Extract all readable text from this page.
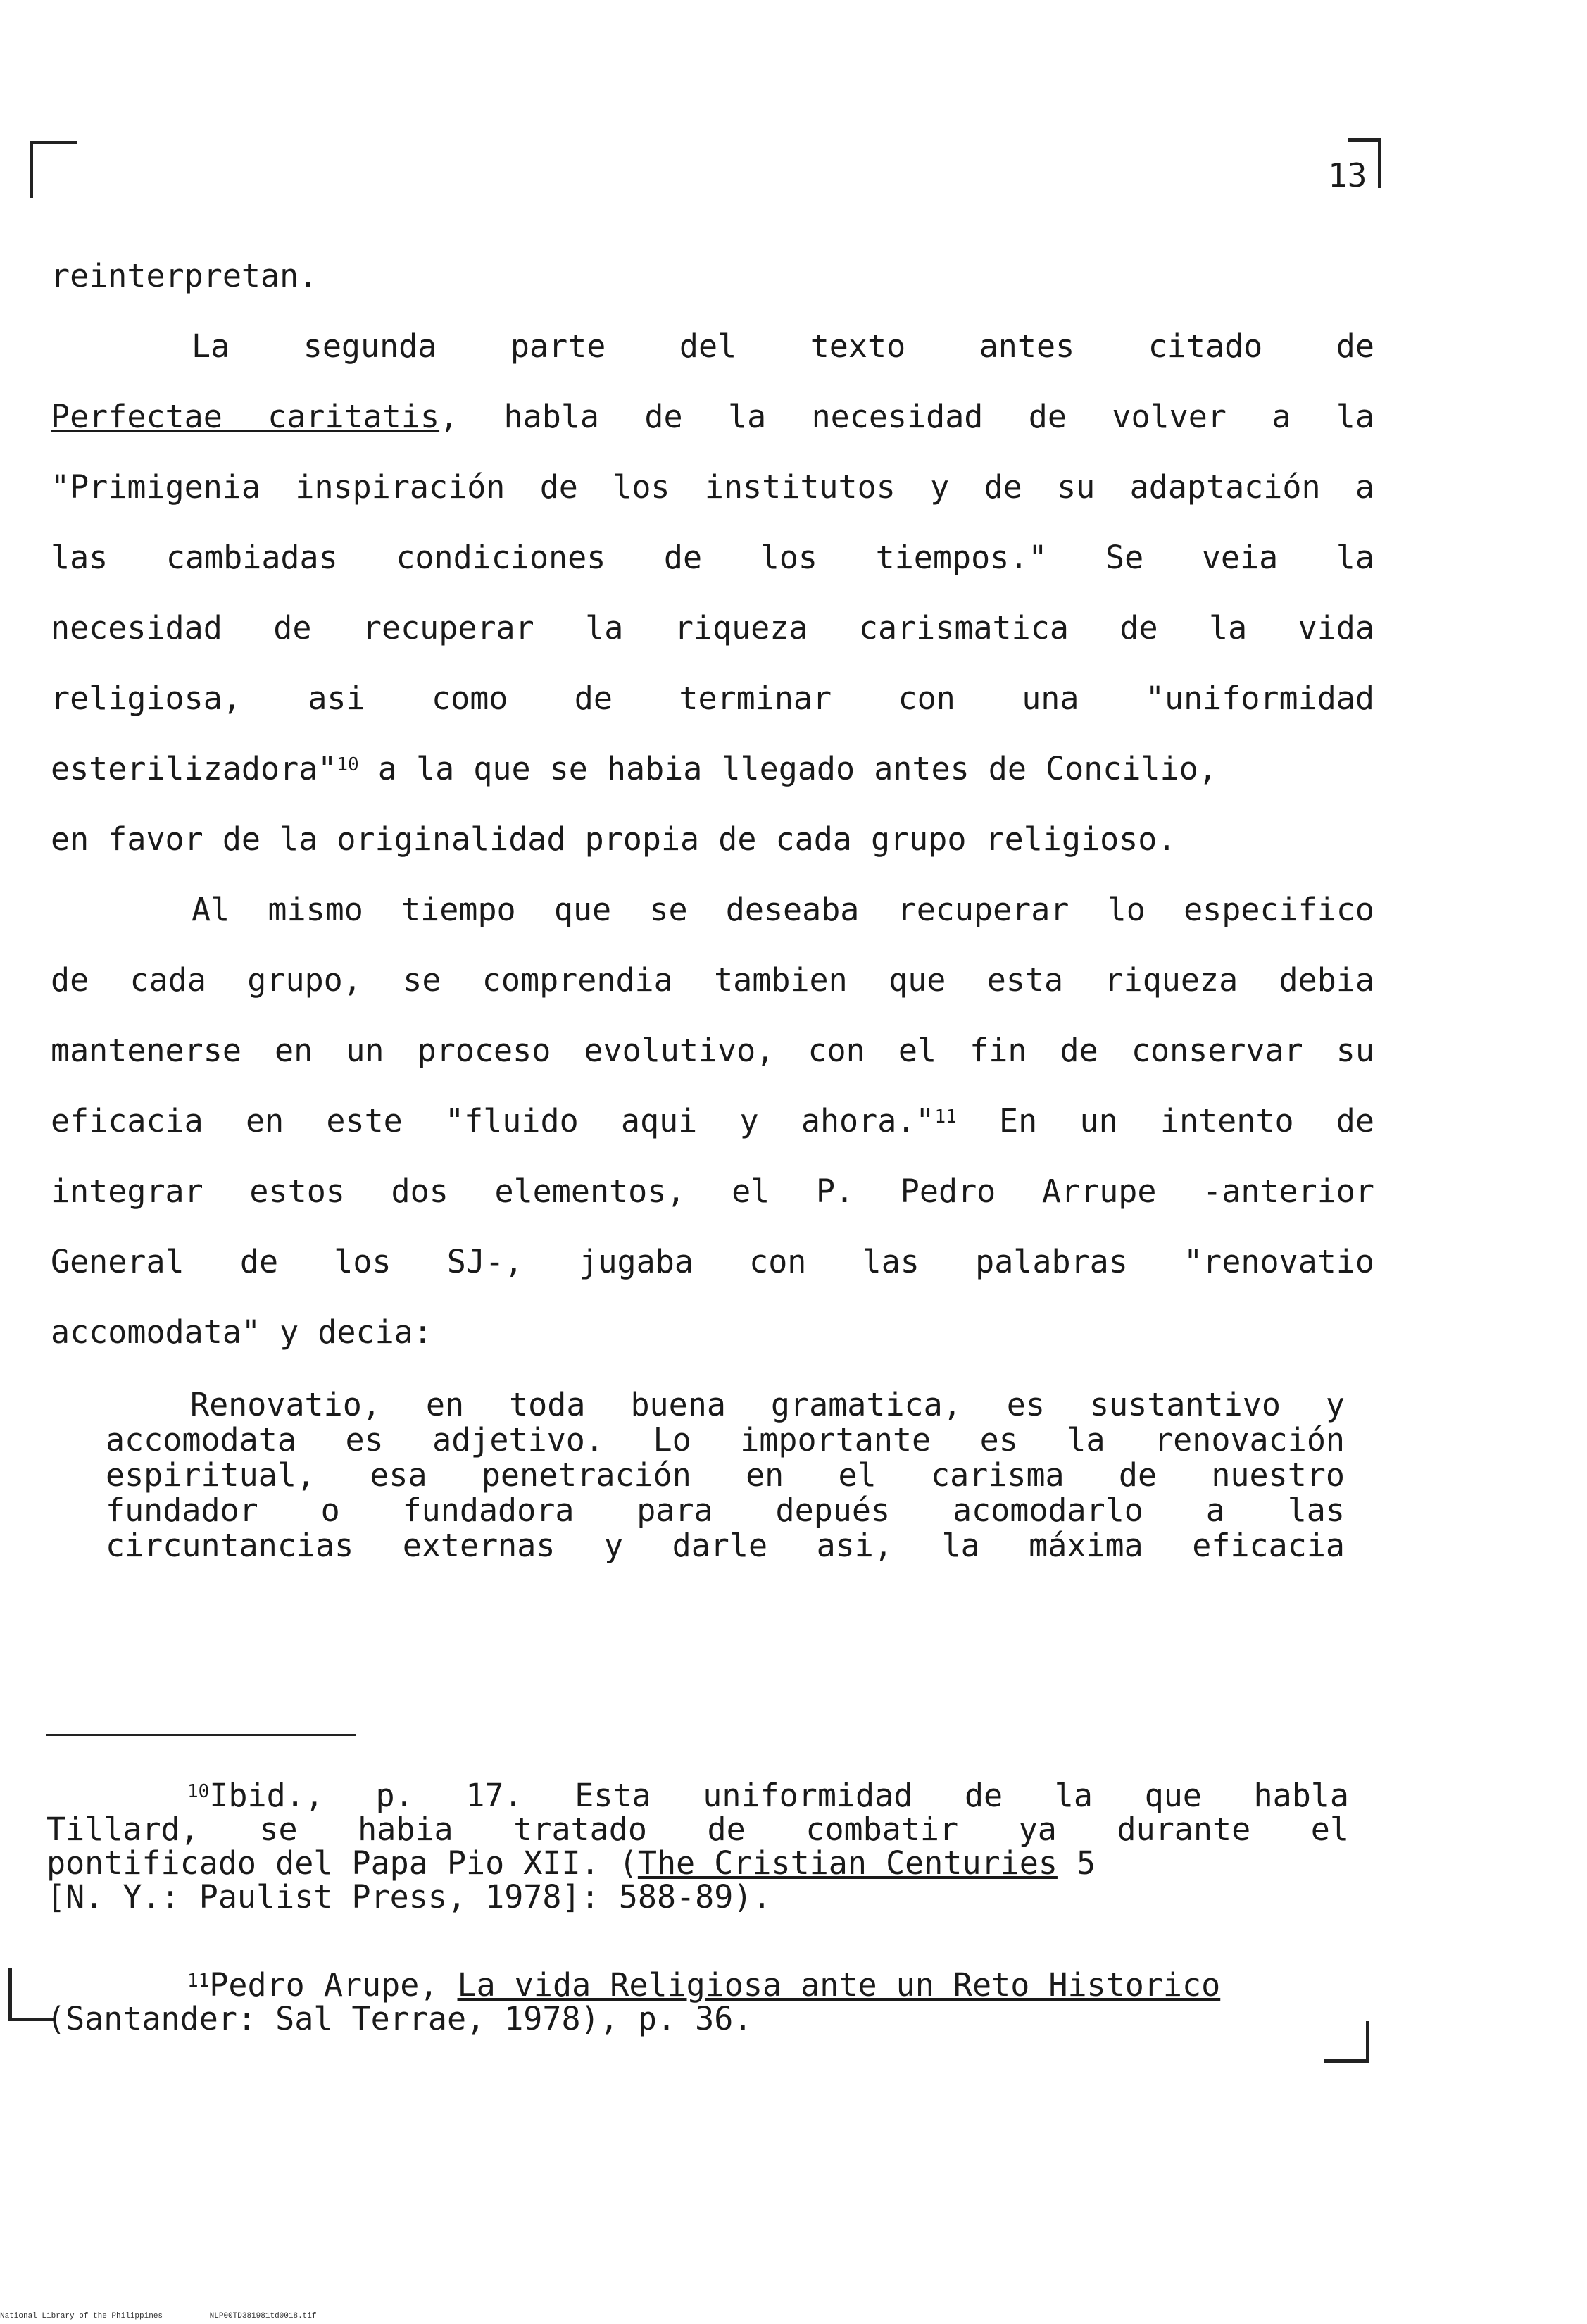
13
reinterpretan.
La segunda parte del texto antes citado de
Perfectae caritatis, habla de la necesidad de volver a la
"Primigenia inspiración de los institutos y de su adaptación a
las cambiadas condiciones de los tiempos." Se veia la
necesidad de recuperar la riqueza carismatica de la vida
religiosa, asi como de terminar con una "uniformidad
esterilizadora"$^{10}$ a la que se habia llegado antes de Concilio,
en favor de la originalidad propia de cada grupo religioso.
Al mismo tiempo que se deseaba recuperar lo especifico
de cada grupo, se comprendia tambien que esta riqueza debia
mantenerse en un proceso evolutivo, con el fin de conservar su
eficacia en este "fluido aqui y ahora."$^{11}$ En un intento de
integrar estos dos elementos, el P. Pedro Arrupe -anterior
General de los SJ-, jugaba con las palabras "renovatio
accomodata" y decia:
Renovatio, en toda buena gramatica, es sustantivo y
accomodata es adjetivo. Lo importante es la renovación
espiritual, esa penetración en el carisma de nuestro
fundador o fundadora para depués acomodarlo a las
circuntancias externas y darle asi, la máxima eficacia
$^{10}$Ibid., p. 17. Esta uniformidad de la que habla
Tillard, se habia tratado de combatir ya durante el
pontificado del Papa Pio XII. (The Cristian Centuries 5
[N. Y.: Paulist Press, 1978]: 588-89).
$^{11}$Pedro Arupe, La vida Religiosa ante un Reto Historico
(Santander: Sal Terrae, 1978), p. 36.
National Library of the Philippines	NLP00TD381981td0018.tif
